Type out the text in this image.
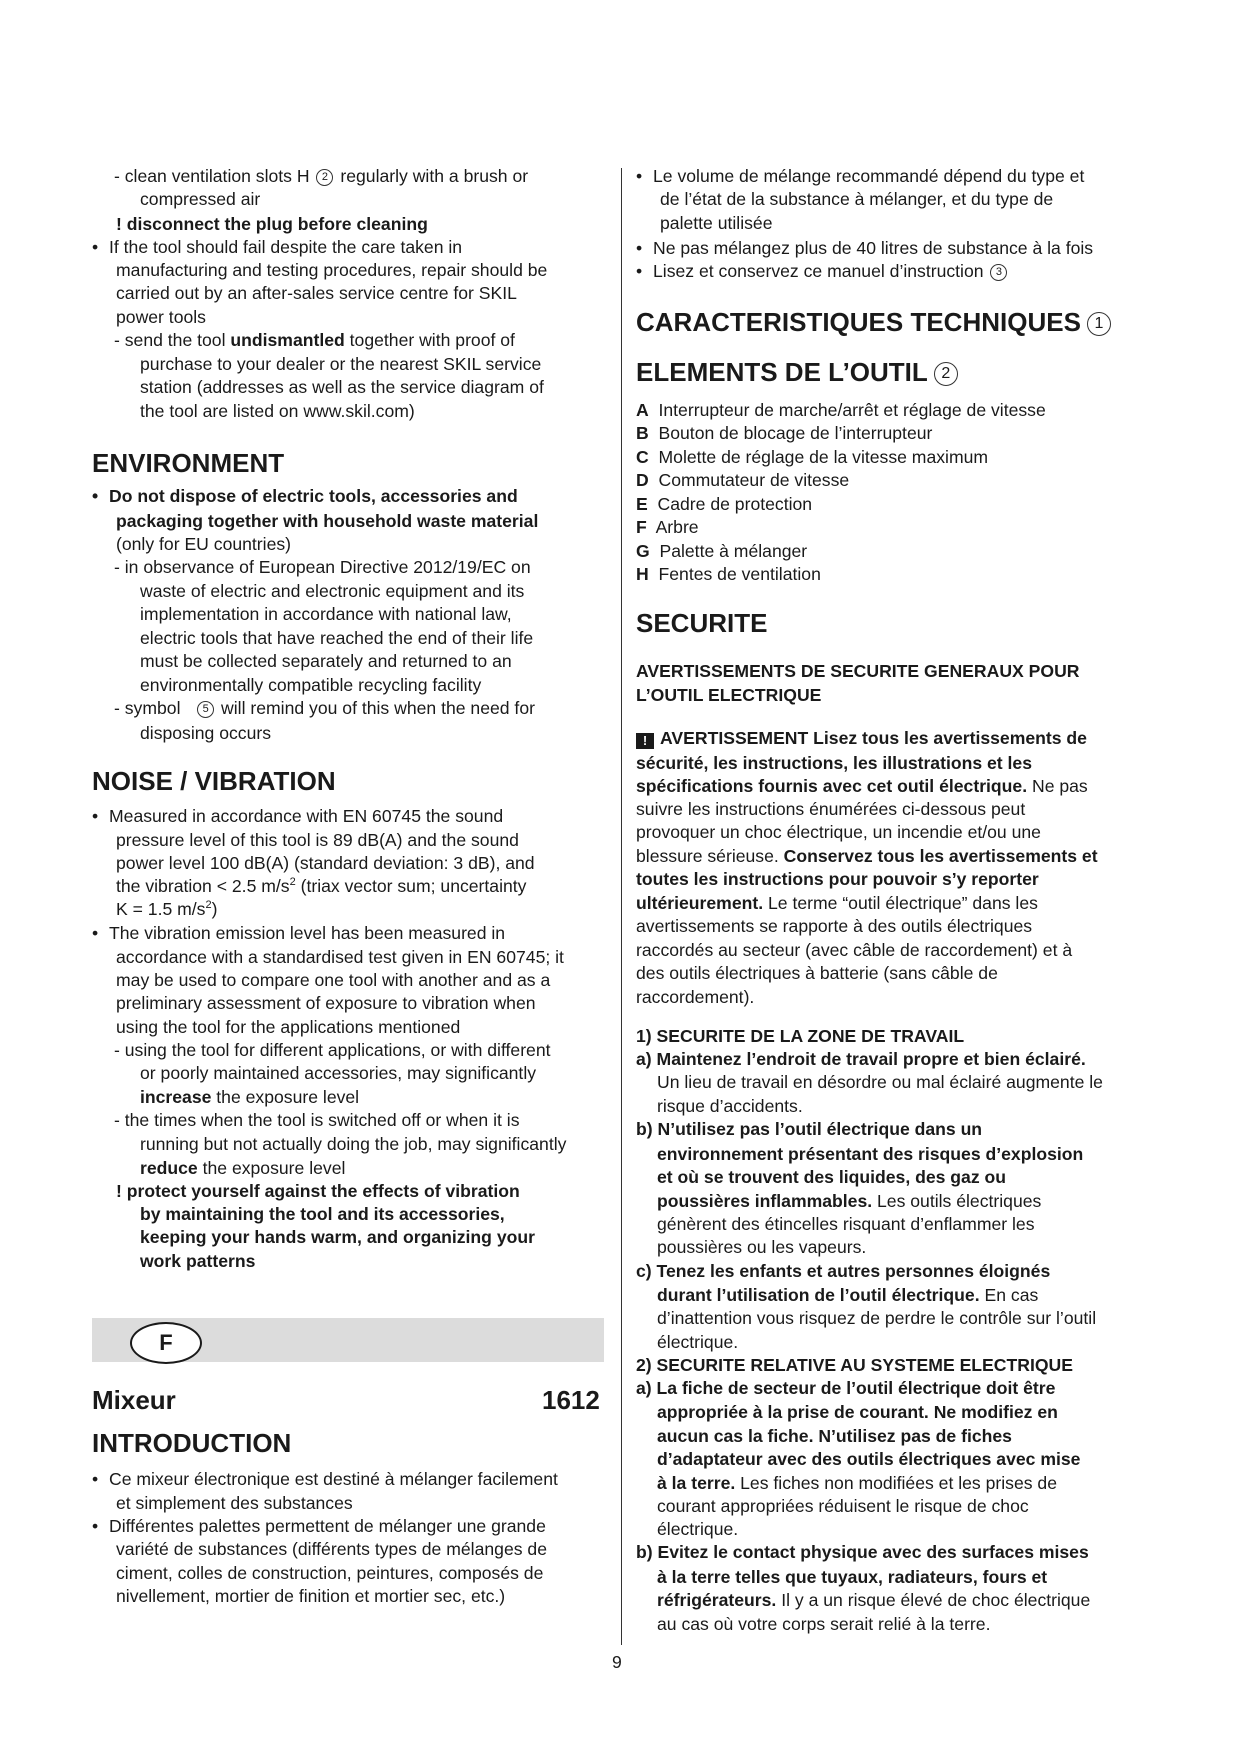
- clean ventilation slots H 2 regularly with a brush or
compressed air
! disconnect the plug before cleaning
• If the tool should fail despite the care taken in
manufacturing and testing procedures, repair should be
carried out by an after-sales service centre for SKIL
power tools
- send the tool undismantled together with proof of
purchase to your dealer or the nearest SKIL service
station (addresses as well as the service diagram of
the tool are listed on www.skil.com)
ENVIRONMENT
• Do not dispose of electric tools, accessories and
packaging together with household waste material
(only for EU countries)
- in observance of European Directive 2012/19/EC on
waste of electric and electronic equipment and its
implementation in accordance with national law,
electric tools that have reached the end of their life
must be collected separately and returned to an
environmentally compatible recycling facility
- symbol 5 will remind you of this when the need for
disposing occurs
NOISE / VIBRATION
• Measured in accordance with EN 60745 the sound
pressure level of this tool is 89 dB(A) and the sound
power level 100 dB(A) (standard deviation: 3 dB), and
the vibration < 2.5 $m/s^2$ (triax vector sum; uncertainty
K = 1.5 $m/s^2$)
• The vibration emission level has been measured in
accordance with a standardised test given in EN 60745; it
may be used to compare one tool with another and as a
preliminary assessment of exposure to vibration when
using the tool for the applications mentioned
- using the tool for different applications, or with different
or poorly maintained accessories, may significantly
increase the exposure level
- the times when the tool is switched off or when it is
running but not actually doing the job, may significantly
reduce the exposure level
! protect yourself against the effects of vibration
by maintaining the tool and its accessories,
keeping your hands warm, and organizing your
work patterns
F
Mixeur	1612
INTRODUCTION
• Ce mixeur électronique est destiné à mélanger facilement
et simplement des substances
• Différentes palettes permettent de mélanger une grande
variété de substances (différents types de mélanges de
ciment, colles de construction, peintures, composés de
nivellement, mortier de finition et mortier sec, etc.)
• Le volume de mélange recommandé dépend du type et
de l’état de la substance à mélanger, et du type de
palette utilisée
• Ne pas mélangez plus de 40 litres de substance à la fois
• Lisez et conservez ce manuel d’instruction 3
CARACTERISTIQUES TECHNIQUES 1
ELEMENTS DE L’OUTIL 2
A Interrupteur de marche/arrêt et réglage de vitesse
B Bouton de blocage de l’interrupteur
C Molette de réglage de la vitesse maximum
D Commutateur de vitesse
E Cadre de protection
F Arbre
G Palette à mélanger
H Fentes de ventilation
SECURITE
AVERTISSEMENTS DE SECURITE GENERAUX POUR
L’OUTIL ELECTRIQUE
! AVERTISSEMENT Lisez tous les avertissements de
sécurité, les instructions, les illustrations et les
spécifications fournis avec cet outil électrique. Ne pas
suivre les instructions énumérées ci-dessous peut
provoquer un choc électrique, un incendie et/ou une
blessure sérieuse. Conservez tous les avertissements et
toutes les instructions pour pouvoir s’y reporter
ultérieurement. Le terme “outil électrique” dans les
avertissements se rapporte à des outils électriques
raccordés au secteur (avec câble de raccordement) et à
des outils électriques à batterie (sans câble de
raccordement).
1) SECURITE DE LA ZONE DE TRAVAIL
a) Maintenez l’endroit de travail propre et bien éclairé.
Un lieu de travail en désordre ou mal éclairé augmente le
risque d’accidents.
b) N’utilisez pas l’outil électrique dans un
environnement présentant des risques d’explosion
et où se trouvent des liquides, des gaz ou
poussières inflammables. Les outils électriques
génèrent des étincelles risquant d’enflammer les
poussières ou les vapeurs.
c) Tenez les enfants et autres personnes éloignés
durant l’utilisation de l’outil électrique. En cas
d’inattention vous risquez de perdre le contrôle sur l’outil
électrique.
2) SECURITE RELATIVE AU SYSTEME ELECTRIQUE
a) La fiche de secteur de l’outil électrique doit être
appropriée à la prise de courant. Ne modifiez en
aucun cas la fiche. N’utilisez pas de fiches
d’adaptateur avec des outils électriques avec mise
à la terre. Les fiches non modifiées et les prises de
courant appropriées réduisent le risque de choc
électrique.
b) Evitez le contact physique avec des surfaces mises
à la terre telles que tuyaux, radiateurs, fours et
réfrigérateurs. Il y a un risque élevé de choc électrique
au cas où votre corps serait relié à la terre.
9
